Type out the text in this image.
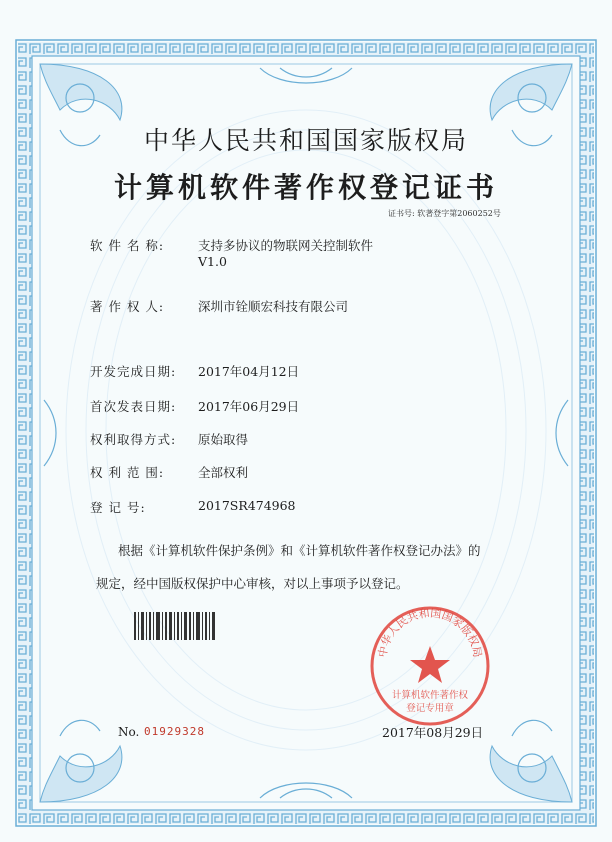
中华人民共和国国家版权局
计算机软件著作权登记证书
证书号: 软著登字第2060252号
软 件 名 称:	支持多协议的物联网关控制软件
V1.0
著 作 权 人:	深圳市铨顺宏科技有限公司
开发完成日期: 2017年04月12日
首次发表日期: 2017年06月29日
权利取得方式: 原始取得
权 利 范 围:	全部权利
登 记 号:	2017SR474968
根据《计算机软件保护条例》和《计算机软件著作权登记办法》的
规定，经中国版权保护中心审核，对以上事项予以登记。
中华人民共和国国家版权局
计算机软件著作权
登记专用章
No. 01929328	2017年08月29日
